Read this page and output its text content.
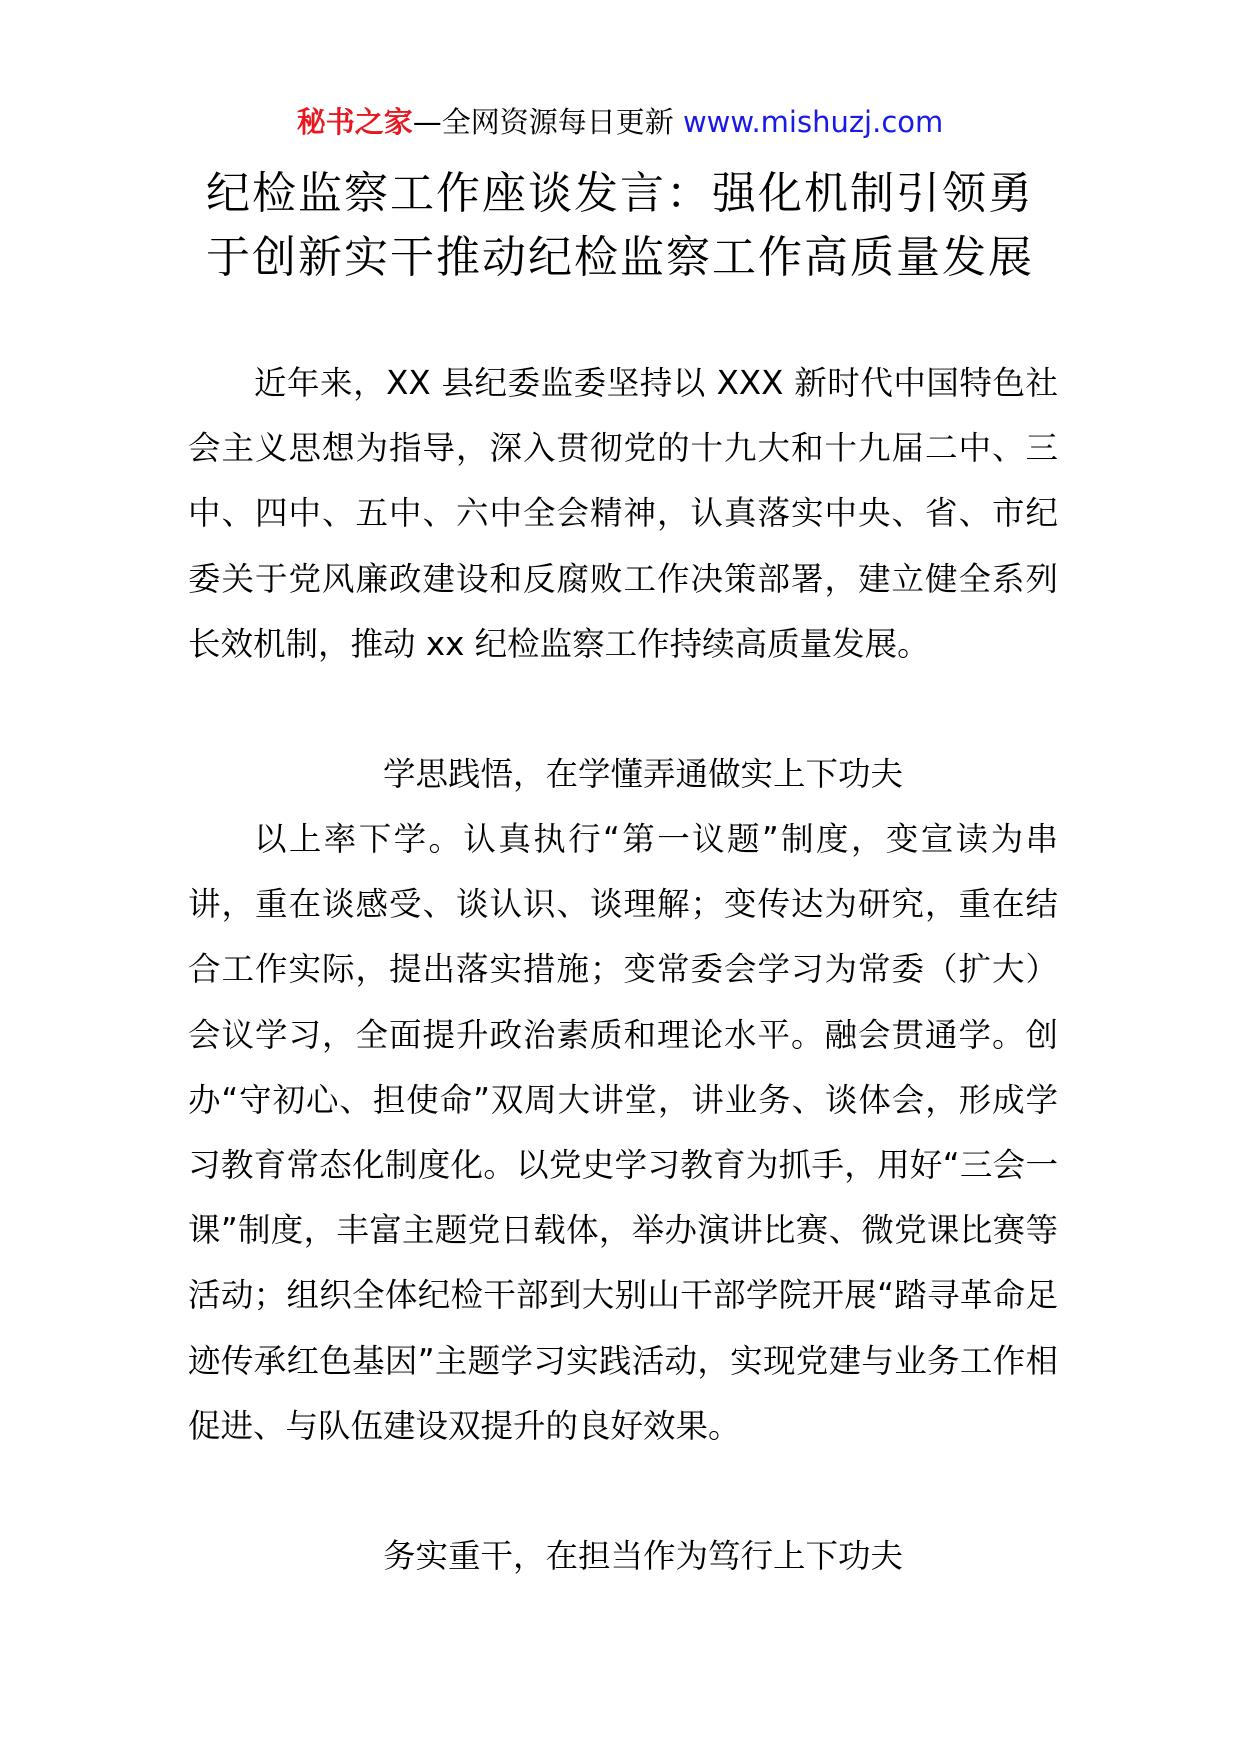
秘书之家—全网资源每日更新 www.mishuzj.com
纪检监察工作座谈发言：强化机制引领勇
于创新实干推动纪检监察工作高质量发展

近年来，XX 县纪委监委坚持以 XXX 新时代中国特色社会主义思想为指导，深入贯彻党的十九大和十九届二中、三中、四中、五中、六中全会精神，认真落实中央、省、市纪委关于党风廉政建设和反腐败工作决策部署，建立健全系列长效机制，推动 xx 纪检监察工作持续高质量发展。

学思践悟，在学懂弄通做实上下功夫

以上率下学。认真执行“第一议题”制度，变宣读为串讲，重在谈感受、谈认识、谈理解；变传达为研究，重在结合工作实际，提出落实措施；变常委会学习为常委（扩大）会议学习，全面提升政治素质和理论水平。融会贯通学。创办“守初心、担使命”双周大讲堂，讲业务、谈体会，形成学习教育常态化制度化。以党史学习教育为抓手，用好“三会一课”制度，丰富主题党日载体，举办演讲比赛、微党课比赛等活动；组织全体纪检干部到大别山干部学院开展“踏寻革命足迹传承红色基因”主题学习实践活动，实现党建与业务工作相促进、与队伍建设双提升的良好效果。

务实重干，在担当作为笃行上下功夫
